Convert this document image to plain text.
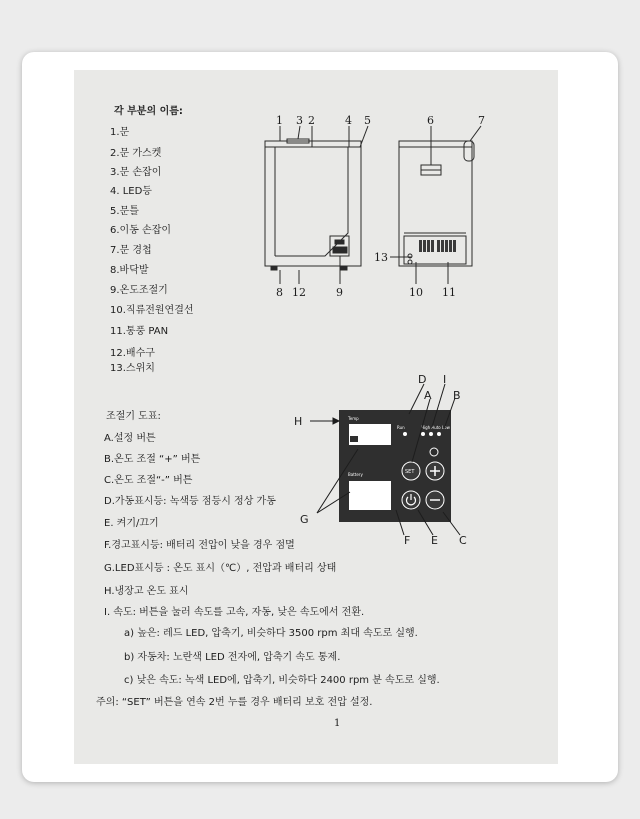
각 부분의 이름:
1.문
2.문 가스켓
3.문 손잡이
4. LED등
5.문틀
6.이동 손잡이
7.문 경첩
8.바닥발
9.온도조절기
10.직류전원연결선
11.통풍 PAN
12.배수구
13.스위치
1 3 2	4 5
8 12	9
6	7
13
10 11
조절기 도표:
A.설정 버튼
B.온도 조절 “+” 버튼
C.온도 조절“-” 버튼
D.가동표시등: 녹색등 점등시 정상 가동
E. 켜기/끄기
F.경고표시등: 배터리 전압이 낮을 경우 점멸
G.LED표시등 : 온도 표시（℃）, 전압과 배터리 상태
H.냉장고 온도 표시
Temp
Run	High Auto Low
Battery	SET
D I
A B
H
G
F E C
I. 속도: 버튼을 눌러 속도를 고속, 자동, 낮은 속도에서 전환.
a) 높은: 레드 LED, 압축기, 비슷하다 3500 rpm 최대 속도로 실행.
b) 자동차: 노란색 LED 전자에, 압축기 속도 통제.
c) 낮은 속도: 녹색 LED에, 압축기, 비슷하다 2400 rpm 분 속도로 실행.
주의: “SET” 버튼을 연속 2번 누를 경우 배터리 보호 전압 설정.
1
